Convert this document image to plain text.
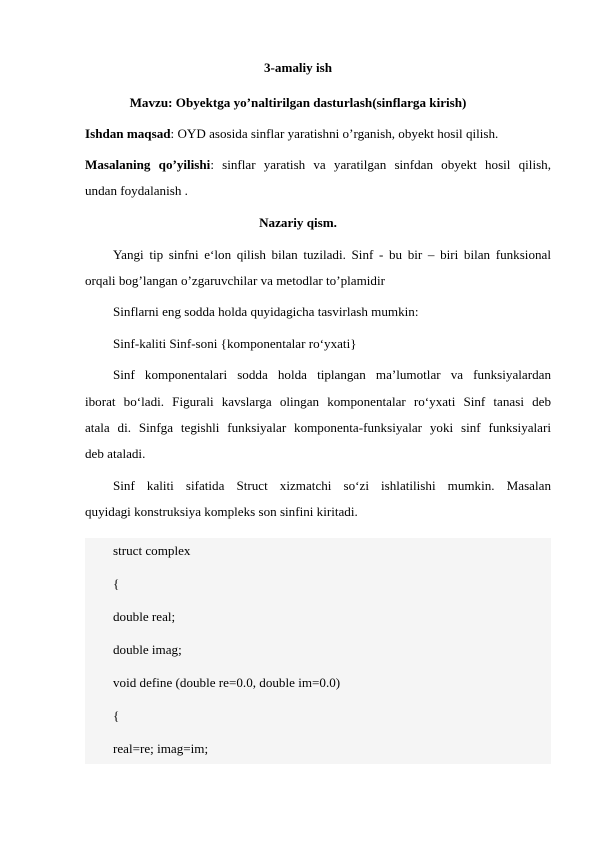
3-amaliy ish
Mavzu: Obyektga yo’naltirilgan dasturlash(sinflarga kirish)
Ishdan maqsad: OYD asosida sinflar yaratishni o’rganish, obyekt hosil qilish.
Masalaning qo’yilishi: sinflar yaratish va yaratilgan sinfdan obyekt hosil qilish,
undan foydalanish .
Nazariy qism.
Yangi tip sinfni e‘lon qilish bilan tuziladi. Sinf - bu bir – biri bilan funksional
orqali bog’langan o’zgaruvchilar va metodlar to’plamidir
Sinflarni eng sodda holda quyidagicha tasvirlash mumkin:
Sinf-kaliti Sinf-soni {komponentalar ro‘yxati}
Sinf komponentalari sodda holda tiplangan ma’lumotlar va funksiyalardan
iborat bo‘ladi. Figurali kavslarga olingan komponentalar ro‘yxati Sinf tanasi deb
atala di. Sinfga tegishli funksiyalar komponenta-funksiyalar yoki sinf funksiyalari
deb ataladi.
Sinf kaliti sifatida Struct xizmatchi so‘zi ishlatilishi mumkin. Masalan
quyidagi konstruksiya kompleks son sinfini kiritadi.
struct complex
{
double real;
double imag;
void define (double re=0.0, double im=0.0)
{
real=re; imag=im;
